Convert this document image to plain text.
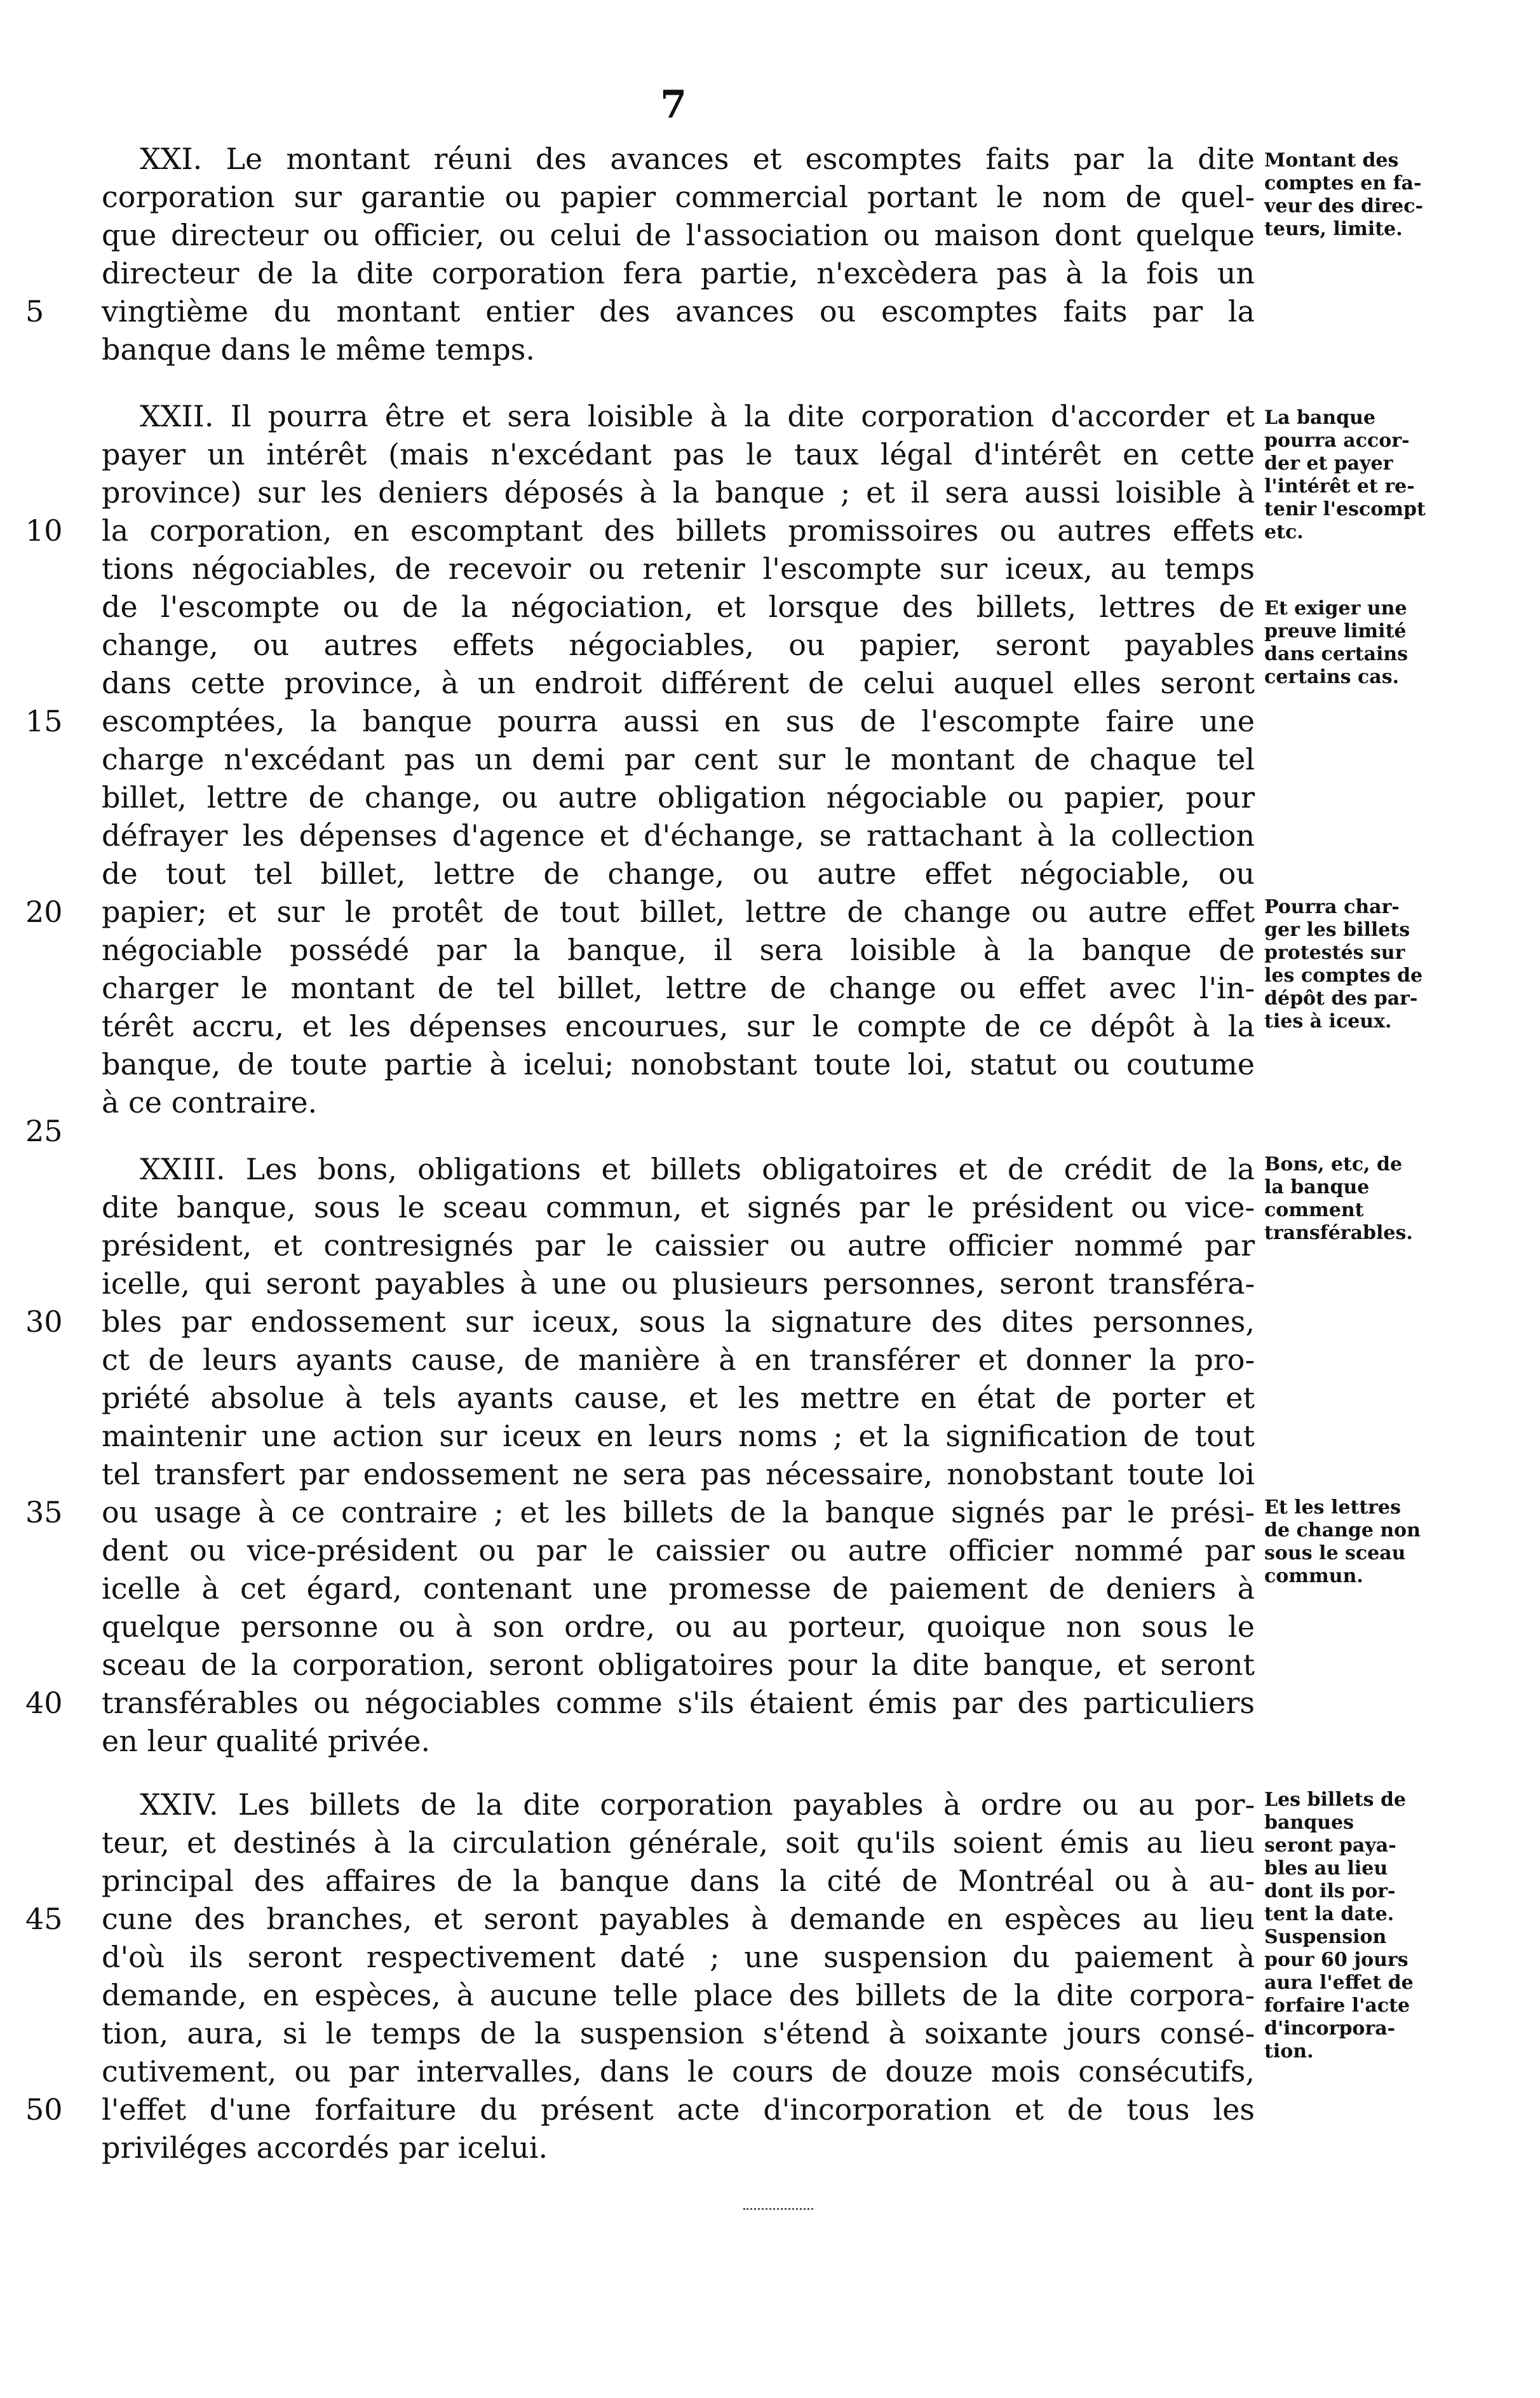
7
XXI. Le montant réuni des avances et escomptes faits par la dite
corporation sur garantie ou papier commercial portant le nom de quel-
que directeur ou officier, ou celui de l'association ou maison dont quelque
directeur de la dite corporation fera partie, n'excèdera pas à la fois un
vingtième du montant entier des avances ou escomptes faits par la
banque dans le même temps.
XXII. Il pourra être et sera loisible à la dite corporation d'accorder et
payer un intérêt (mais n'excédant pas le taux légal d'intérêt en cette
province) sur les deniers déposés à la banque ; et il sera aussi loisible à
la corporation, en escomptant des billets promissoires ou autres effets
tions négociables, de recevoir ou retenir l'escompte sur iceux, au temps
de l'escompte ou de la négociation, et lorsque des billets, lettres de
change, ou autres effets négociables, ou papier, seront payables
dans cette province, à un endroit différent de celui auquel elles seront
escomptées, la banque pourra aussi en sus de l'escompte faire une
charge n'excédant pas un demi par cent sur le montant de chaque tel
billet, lettre de change, ou autre obligation négociable ou papier, pour
défrayer les dépenses d'agence et d'échange, se rattachant à la collection
de tout tel billet, lettre de change, ou autre effet négociable, ou
papier; et sur le protêt de tout billet, lettre de change ou autre effet
négociable possédé par la banque, il sera loisible à la banque de
charger le montant de tel billet, lettre de change ou effet avec l'in-
térêt accru, et les dépenses encourues, sur le compte de ce dépôt à la
banque, de toute partie à icelui; nonobstant toute loi, statut ou coutume
à ce contraire.
XXIII. Les bons, obligations et billets obligatoires et de crédit de la
dite banque, sous le sceau commun, et signés par le président ou vice-
président, et contresignés par le caissier ou autre officier nommé par
icelle, qui seront payables à une ou plusieurs personnes, seront transféra-
bles par endossement sur iceux, sous la signature des dites personnes,
ct de leurs ayants cause, de manière à en transférer et donner la pro-
priété absolue à tels ayants cause, et les mettre en état de porter et
maintenir une action sur iceux en leurs noms ; et la signification de tout
tel transfert par endossement ne sera pas nécessaire, nonobstant toute loi
ou usage à ce contraire ; et les billets de la banque signés par le prési-
dent ou vice-président ou par le caissier ou autre officier nommé par
icelle à cet égard, contenant une promesse de paiement de deniers à
quelque personne ou à son ordre, ou au porteur, quoique non sous le
sceau de la corporation, seront obligatoires pour la dite banque, et seront
transférables ou négociables comme s'ils étaient émis par des particuliers
en leur qualité privée.
XXIV. Les billets de la dite corporation payables à ordre ou au por-
teur, et destinés à la circulation générale, soit qu'ils soient émis au lieu
principal des affaires de la banque dans la cité de Montréal ou à au-
cune des branches, et seront payables à demande en espèces au lieu
d'où ils seront respectivement daté ; une suspension du paiement à
demande, en espèces, à aucune telle place des billets de la dite corpora-
tion, aura, si le temps de la suspension s'étend à soixante jours consé-
cutivement, ou par intervalles, dans le cours de douze mois consécutifs,
l'effet d'une forfaiture du présent acte d'incorporation et de tous les
priviléges accordés par icelui.
25
5
10
15
20
30
35
40
45
50
Montant des
comptes en fa-
veur des direc-
teurs, limite.
La banque
pourra accor-
der et payer
l'intérêt et re-
tenir l'escompt
etc.
Et exiger une
preuve limité
dans certains
certains cas.
Pourra char-
ger les billets
protestés sur
les comptes de
dépôt des par-
ties à iceux.
Bons, etc, de
la banque
comment
transférables.
Et les lettres
de change non
sous le sceau
commun.
Les billets de
banques
seront paya-
bles au lieu
dont ils por-
tent la date.
Suspension
pour 60 jours
aura l'effet de
forfaire l'acte
d'incorpora-
tion.
